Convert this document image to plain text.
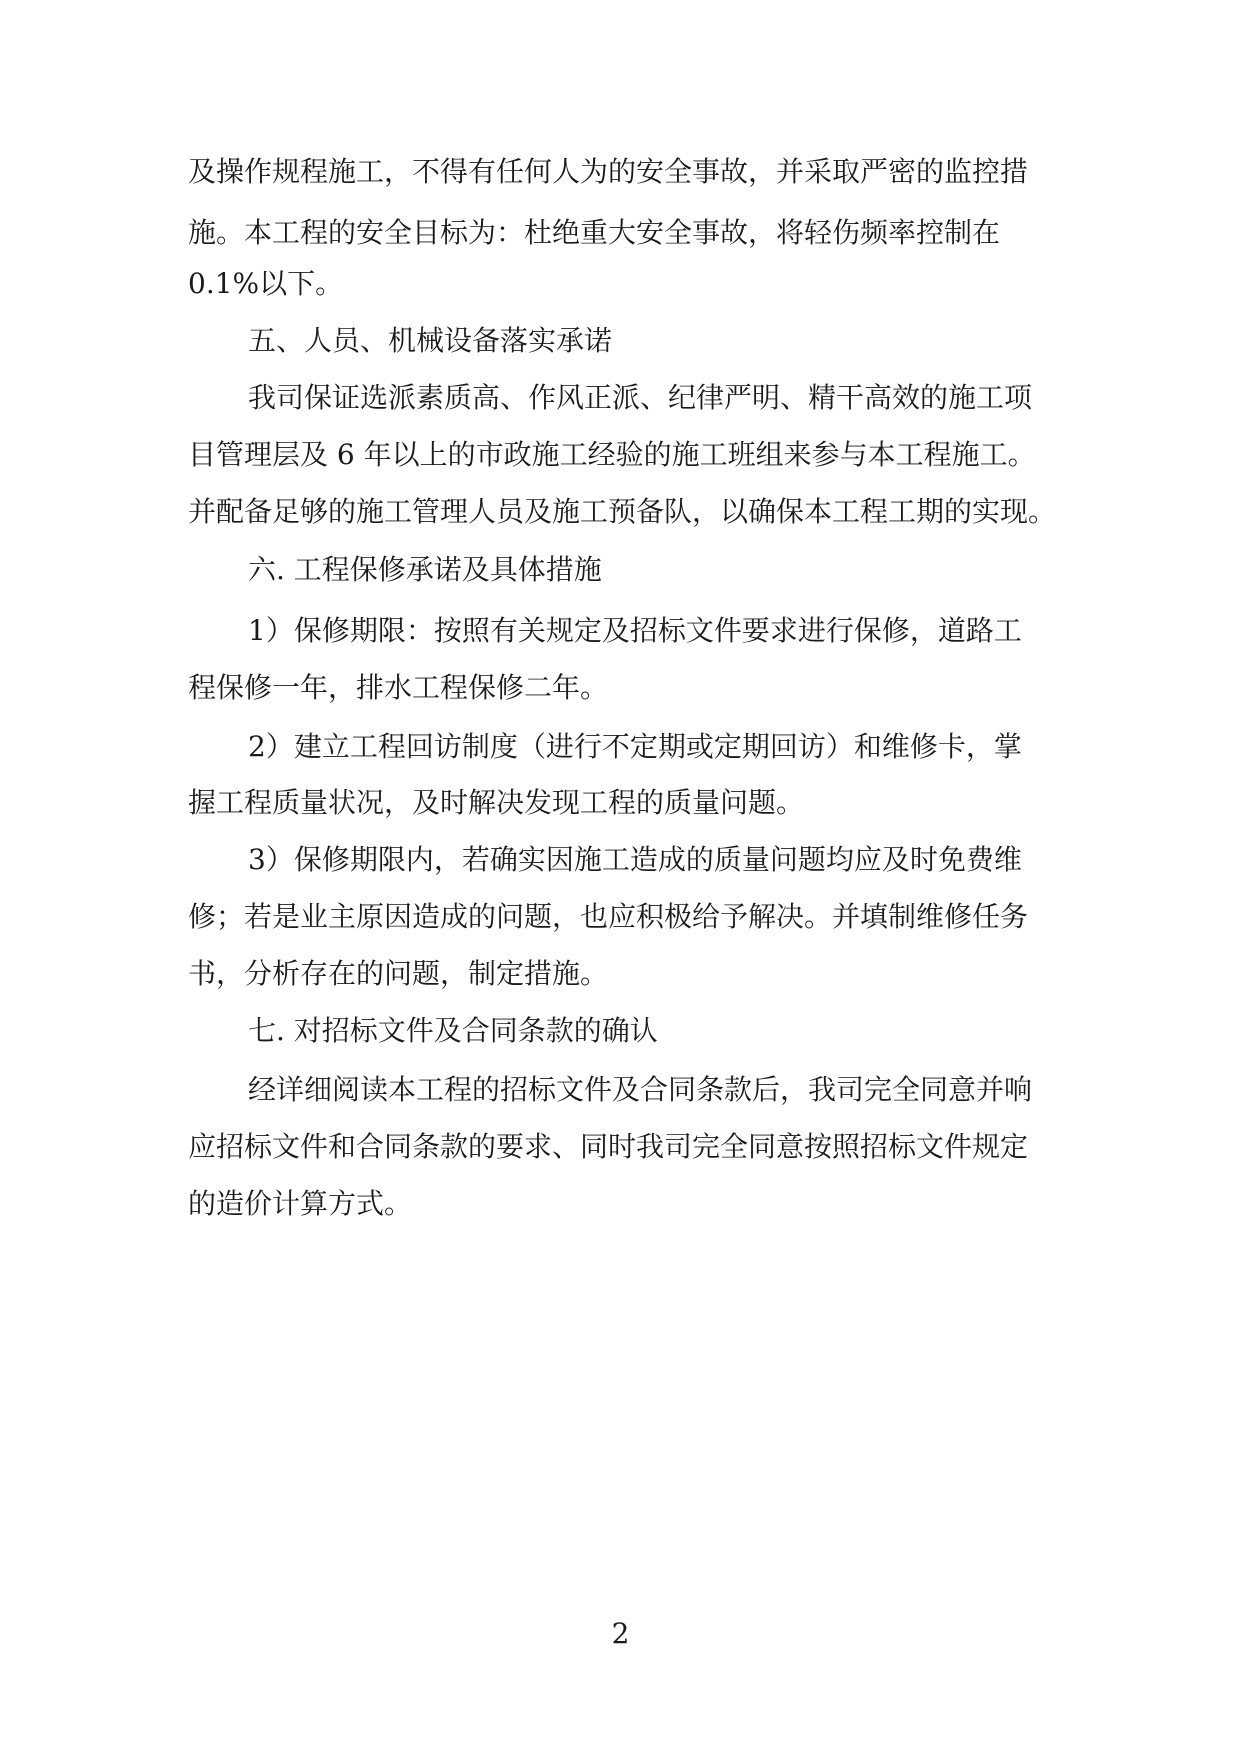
及操作规程施工，不得有任何人为的安全事故，并采取严密的监控措
施。本工程的安全目标为：杜绝重大安全事故，将轻伤频率控制在
0.1%以下。
五、人员、机械设备落实承诺
我司保证选派素质高、作风正派、纪律严明、精干高效的施工项
目管理层及 6 年以上的市政施工经验的施工班组来参与本工程施工。
并配备足够的施工管理人员及施工预备队，以确保本工程工期的实现。
六. 工程保修承诺及具体措施
1）保修期限：按照有关规定及招标文件要求进行保修，道路工
程保修一年，排水工程保修二年。
2）建立工程回访制度（进行不定期或定期回访）和维修卡，掌
握工程质量状况，及时解决发现工程的质量问题。
3）保修期限内，若确实因施工造成的质量问题均应及时免费维
修；若是业主原因造成的问题，也应积极给予解决。并填制维修任务
书，分析存在的问题，制定措施。
七. 对招标文件及合同条款的确认
经详细阅读本工程的招标文件及合同条款后，我司完全同意并响
应招标文件和合同条款的要求、同时我司完全同意按照招标文件规定
的造价计算方式。
2
